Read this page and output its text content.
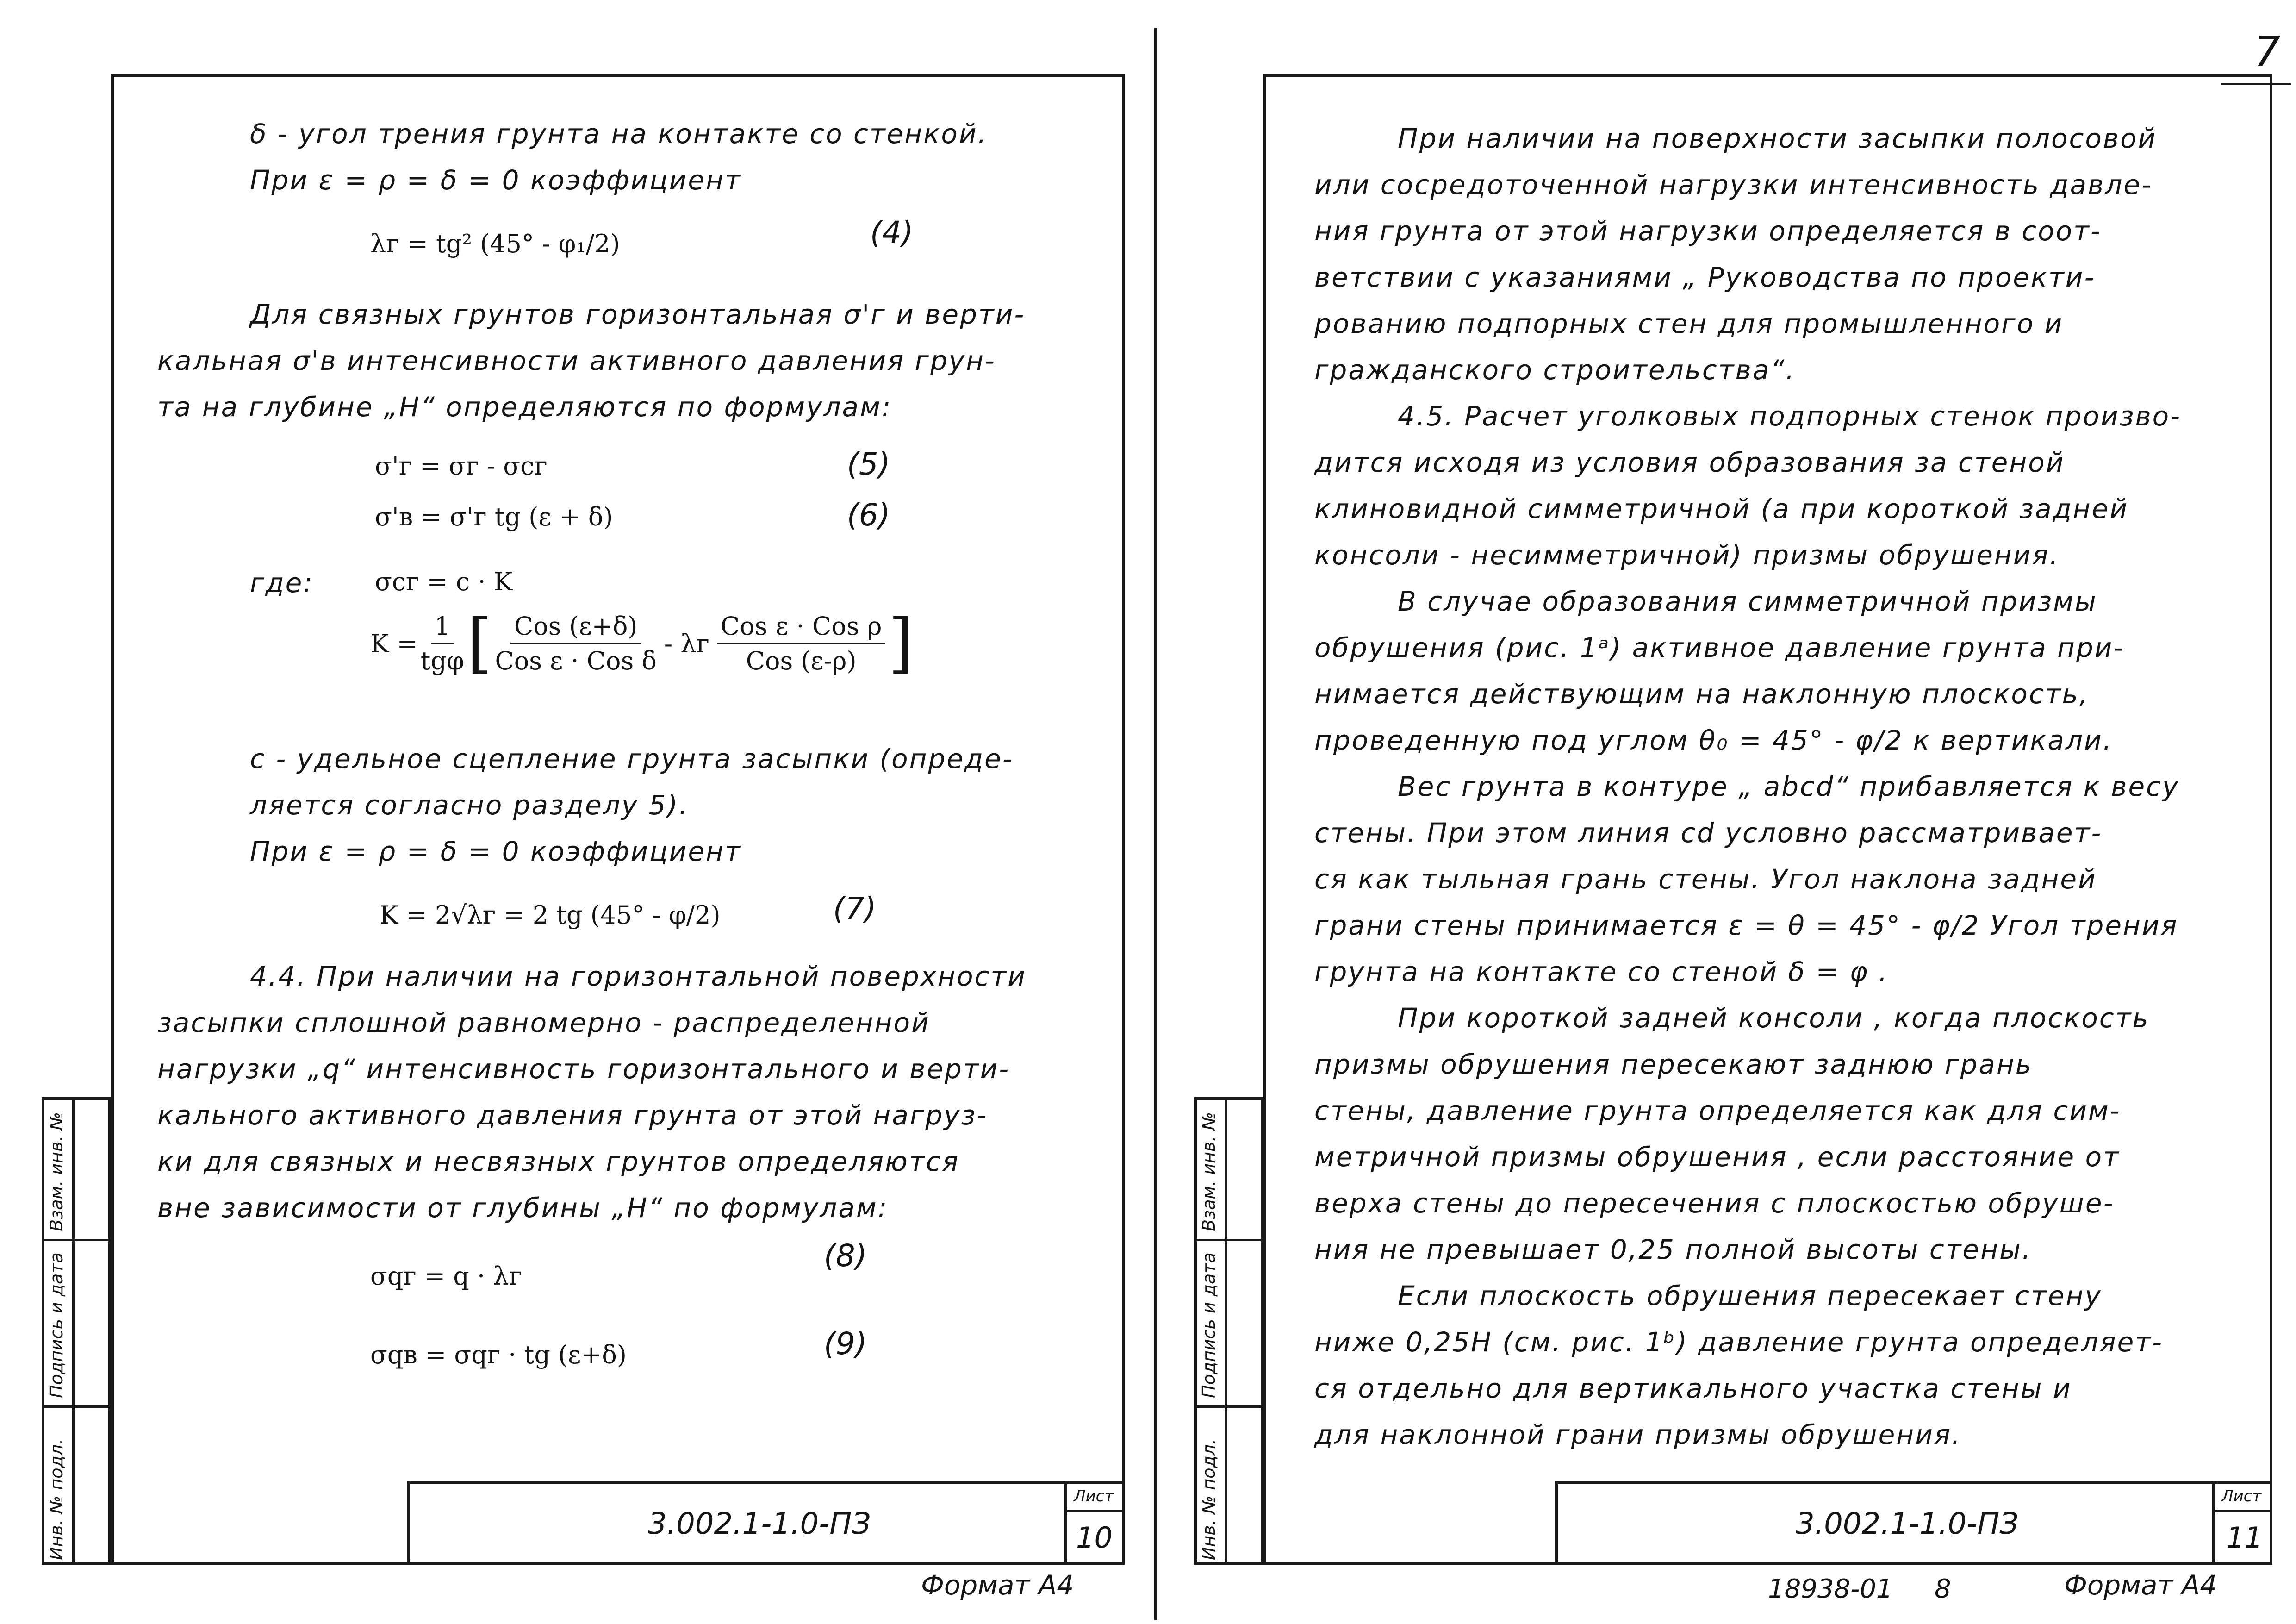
7
Инв. № подл.
Подпись и дата
Взам. инв. №
δ - угол трения грунта на контакте со стенкой.
При ε = ρ = δ = 0 коэффициент
λг = tg² (45° - φ₁/2)	(4)
Для связных грунтов горизонтальная σ'г и верти-
кальная σ'в интенсивности активного давления грун-
та на глубине „H“ определяются по формулам:
σ'г = σг - σсг	(5)
σ'в = σ'г tg (ε + δ)	(6)
где: σсг = c · K
$K = \frac{1}{\text{tgφ}}$ [ $\frac{\text{Cos (ε+δ)}}{\text{Cos ε · Cos δ}}$ - λг $\frac{\text{Cos ε · Cos ρ}}{\text{Cos (ε-ρ)}}$ ]
с - удельное сцепление грунта засыпки (опреде-
ляется согласно разделу 5).
При ε = ρ = δ = 0 коэффициент
K = 2√λг = 2 tg (45° - φ/2)	(7)
4.4. При наличии на горизонтальной поверхности
засыпки сплошной равномерно - распределенной
нагрузки „q“ интенсивность горизонтального и верти-
кального активного давления грунта от этой нагруз-
ки для связных и несвязных грунтов определяются
вне зависимости от глубины „H“ по формулам:
σqг = q · λг
(8)
σqв = σqг · tg (ε+δ)	(9)
3.002.1-1.0-ПЗ
Лист
10
Формат А4
Инв. № подл.
Подпись и дата
Взам. инв. №
При наличии на поверхности засыпки полосовой
или сосредоточенной нагрузки интенсивность давле-
ния грунта от этой нагрузки определяется в соот-
ветствии с указаниями „ Руководства по проекти-
рованию подпорных стен для промышленного и
гражданского строительства“.
4.5. Расчет уголковых подпорных стенок произво-
дится исходя из условия образования за стеной
клиновидной симметричной (а при короткой задней
консоли - несимметричной) призмы обрушения.
В случае образования симметричной призмы
обрушения (рис. 1ᵃ) активное давление грунта при-
нимается действующим на наклонную плоскость,
проведенную под углом θ₀ = 45° - φ/2 к вертикали.
Вес грунта в контуре „ abcd“ прибавляется к весу
стены. При этом линия cd условно рассматривает-
ся как тыльная грань стены. Угол наклона задней
грани стены принимается ε = θ = 45° - φ/2 Угол трения
грунта на контакте со стеной δ = φ .
При короткой задней консоли , когда плоскость
призмы обрушения пересекают заднюю грань
стены, давление грунта определяется как для сим-
метричной призмы обрушения , если расстояние от
верха стены до пересечения с плоскостью обруше-
ния не превышает 0,25 полной высоты стены.
Если плоскость обрушения пересекает стену
ниже 0,25H (см. рис. 1ᵇ) давление грунта определяет-
ся отдельно для вертикального участка стены и
для наклонной грани призмы обрушения.
3.002.1-1.0-ПЗ
Лист
11
18938-01 8	Формат А4
